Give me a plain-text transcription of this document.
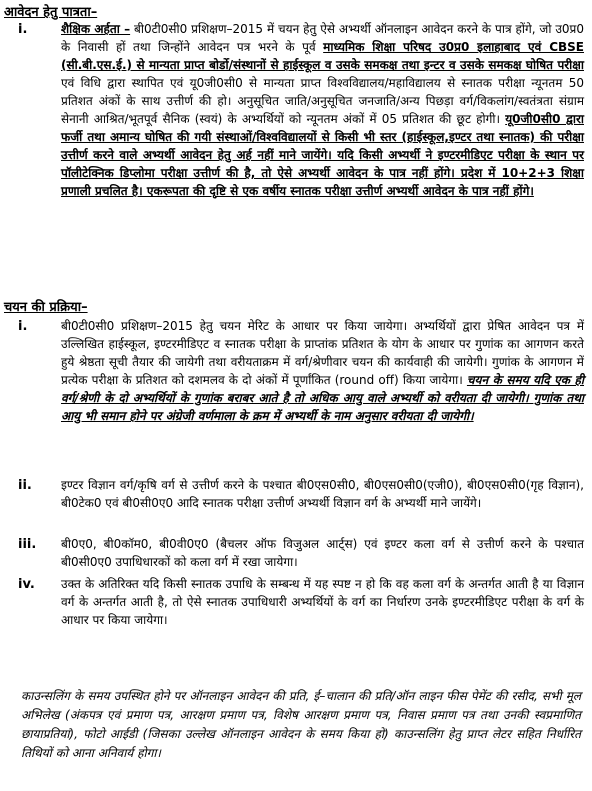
आवेदन हेतु पात्रता–
i.	शैक्षिक अर्हता – बी0टी0सी0 प्रशिक्षण–2015 में चयन हेतु ऐसे अभ्यर्थी ऑनलाइन आवेदन करने के पात्र होंगे, जो उ0प्र0 के निवासी हों तथा जिन्होंने आवेदन पत्र भरने के पूर्व माध्यमिक शिक्षा परिषद उ0प्र0 इलाहाबाद एवं CBSE (सी.बी.एस.ई.) से मान्यता प्राप्त बोर्डो/संस्थानों से हाईस्कूल व उसके समकक्ष तथा इन्टर व उसके समकक्ष घोषित परीक्षा एवं विधि द्वारा स्थापित एवं यू0जी0सी0 से मान्यता प्राप्त विश्वविद्यालय/महाविद्यालय से स्नातक परीक्षा न्यूनतम 50 प्रतिशत अंकों के साथ उत्तीर्ण की हो। अनुसूचित जाति/अनुसूचित जनजाति/अन्य पिछड़ा वर्ग/विकलांग/स्वतंत्रता संग्राम सेनानी आश्रित/भूतपूर्व सैनिक (स्वयं) के अभ्यर्थियों को न्यूनतम अंकों में 05 प्रतिशत की छूट होगी। यू0जी0सी0 द्वारा फर्जी तथा अमान्य घोषित की गयी संस्थाओं/विश्वविद्यालयों से किसी भी स्तर (हाईस्कूल,इण्टर तथा स्नातक) की परीक्षा उत्तीर्ण करने वाले अभ्यर्थी आवेदन हेतु अर्ह नहीं माने जायेंगे। यदि किसी अभ्यर्थी ने इण्टरमीडिएट परीक्षा के स्थान पर पॉलीटेक्निक डिप्लोमा परीक्षा उत्तीर्ण की है, तो ऐसे अभ्यर्थी आवेदन के पात्र नहीं होंगे। प्रदेश में 10+2+3 शिक्षा प्रणाली प्रचलित है। एकरूपता की दृष्टि से एक वर्षीय स्नातक परीक्षा उत्तीर्ण अभ्यर्थी आवेदन के पात्र नहीं होंगे।
चयन की प्रक्रिया–
i.	बी0टी0सी0 प्रशिक्षण–2015 हेतु चयन मेरिट के आधार पर किया जायेगा। अभ्यर्थियों द्वारा प्रेषित आवेदन पत्र में उल्लिखित हाईस्कूल, इण्टरमीडिएट व स्नातक परीक्षा के प्राप्तांक प्रतिशत के योग के आधार पर गुणांक का आगणन करते हुये श्रेष्ठता सूची तैयार की जायेगी तथा वरीयताक्रम में वर्ग/श्रेणीवार चयन की कार्यवाही की जायेगी। गुणांक के आगणन में प्रत्येक परीक्षा के प्रतिशत को दशमलव के दो अंकों में पूर्णांकित (round off) किया जायेगा। चयन के समय यदि एक ही वर्ग/श्रेणी के दो अभ्यर्थियों के गुणांक बराबर आते है तो अधिक आयु वाले अभ्यर्थी को वरीयता दी जायेगी। गुणांक तथा आयु भी समान होने पर अंग्रेजी वर्णमाला के क्रम में अभ्यर्थी के नाम अनुसार वरीयता दी जायेगी।
ii. इण्टर विज्ञान वर्ग/कृषि वर्ग से उत्तीर्ण करने के पश्चात बी0एस0सी0, बी0एस0सी0(एजी0), बी0एस0सी0(गृह विज्ञान), बी0टेक0 एवं बी0सी0ए0 आदि स्नातक परीक्षा उत्तीर्ण अभ्यर्थी विज्ञान वर्ग के अभ्यर्थी माने जायेंगे।
iii. बी0ए0, बी0कॉम0, बी0वी0ए0 (बैचलर ऑफ विजुअल आर्ट्स) एवं इण्टर कला वर्ग से उत्तीर्ण करने के पश्चात बी0सी0ए0 उपाधिधारकों को कला वर्ग में रखा जायेगा।
iv. उक्त के अतिरिक्त यदि किसी स्नातक उपाधि के सम्बन्ध में यह स्पष्ट न हो कि वह कला वर्ग के अन्तर्गत आती है या विज्ञान वर्ग के अन्तर्गत आती है, तो ऐसे स्नातक उपाधिधारी अभ्यर्थियों के वर्ग का निर्धारण उनके इण्टरमीडिएट परीक्षा के वर्ग के आधार पर किया जायेगा।
काउन्सलिंग के समय उपस्थित होने पर ऑनलाइन आवेदन की प्रति, ई–चालान की प्रति/ऑन लाइन फीस पेमेंट की रसीद, सभी मूल अभिलेख (अंकपत्र एवं प्रमाण पत्र, आरक्षण प्रमाण पत्र, विशेष आरक्षण प्रमाण पत्र, निवास प्रमाण पत्र तथा उनकी स्वप्रमाणित छायाप्रतियां), फोटो आईडी (जिसका उल्लेख ऑनलाइन आवेदन के समय किया हो) काउन्सलिंग हेतु प्राप्त लेटर सहित निर्धारित तिथियों को आना अनिवार्य होगा।
